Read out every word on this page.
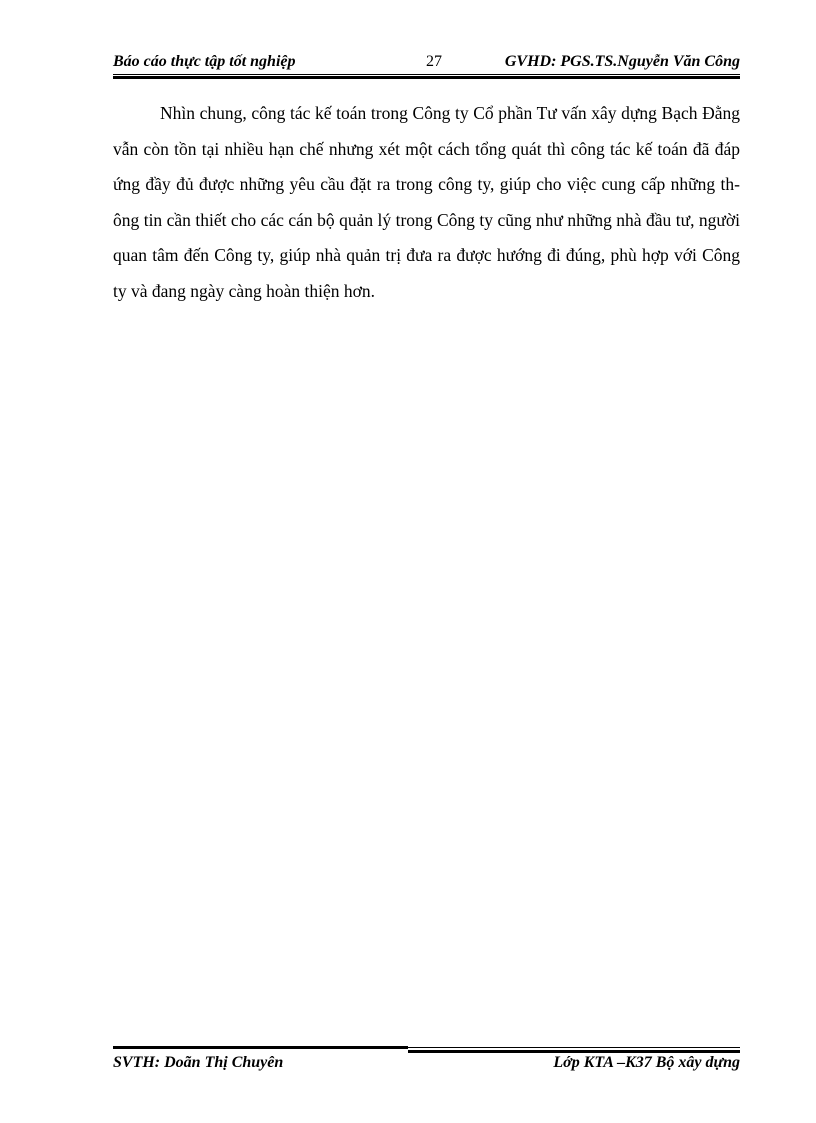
Báo cáo thực tập tốt nghiệp	27	GVHD: PGS.TS.Nguyễn Văn Công

Nhìn chung, công tác kế toán trong Công ty Cổ phần Tư vấn xây dựng Bạch Đằng vẫn còn tồn tại nhiều hạn chế nhưng xét một cách tổng quát thì công tác kế toán đã đáp ứng đầy đủ được những yêu cầu đặt ra trong công ty, giúp cho việc cung cấp những th-ông tin cần thiết cho các cán bộ quản lý trong Công ty cũng như những nhà đầu tư, người quan tâm đến Công ty, giúp nhà quản trị đưa ra được hướng đi đúng, phù hợp với Công ty và đang ngày càng hoàn thiện hơn.

SVTH: Doãn Thị Chuyên	Lớp KTA –K37 Bộ xây dựng
